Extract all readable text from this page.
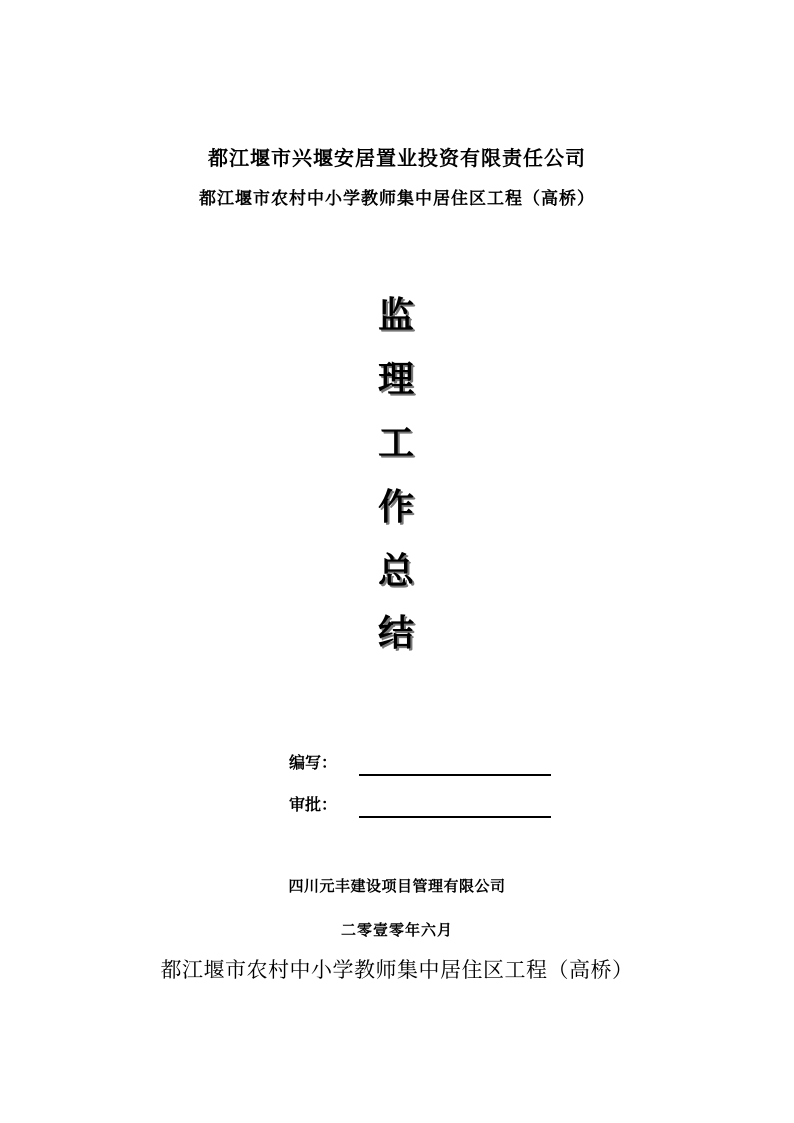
都江堰市兴堰安居置业投资有限责任公司
都江堰市农村中小学教师集中居住区工程（高桥）
监
理
工
作
总
结
编写：
审批：
四川元丰建设项目管理有限公司
二零壹零年六月
都江堰市农村中小学教师集中居住区工程（高桥）
